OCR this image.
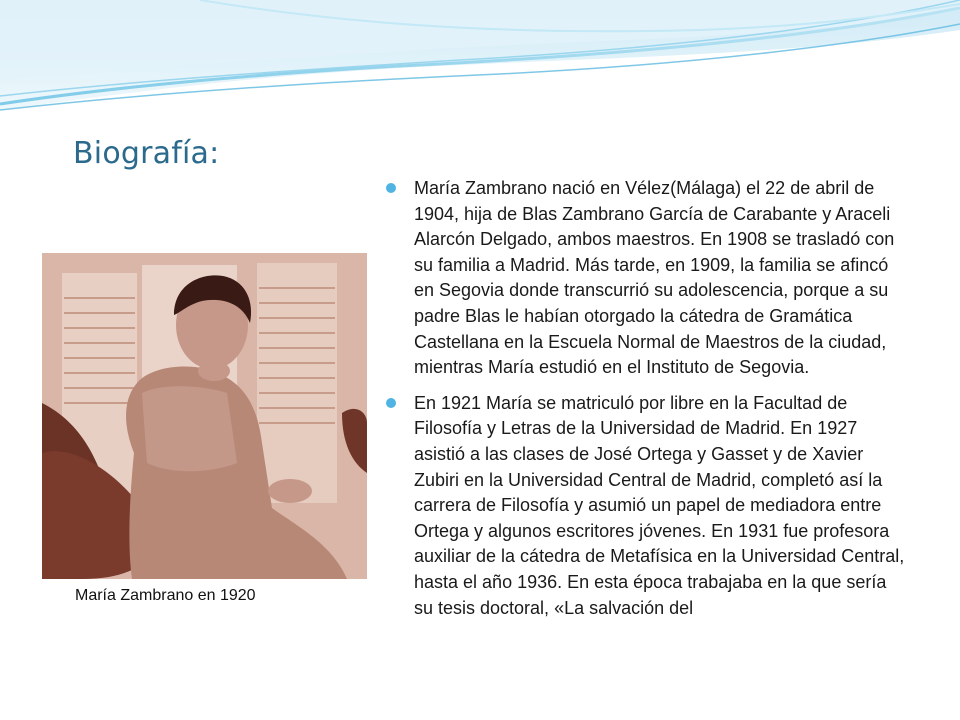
Biografía:
María Zambrano en 1920
María Zambrano nació en Vélez(Málaga) el 22 de abril de 1904, hija de Blas Zambrano García de Carabante y Araceli Alarcón Delgado, ambos maestros. En 1908 se trasladó con su familia a Madrid. Más tarde, en 1909, la familia se afincó en Segovia donde transcurrió su adolescencia, porque a su padre Blas le habían otorgado la cátedra de Gramática Castellana en la Escuela Normal de Maestros de la ciudad, mientras María estudió en el Instituto de Segovia.
En 1921 María se matriculó por libre en la Facultad de Filosofía y Letras de la Universidad de Madrid. En 1927 asistió a las clases de José Ortega y Gasset y de Xavier Zubiri en la Universidad Central de Madrid, completó así la carrera de Filosofía y asumió un papel de mediadora entre Ortega y algunos escritores jóvenes. En 1931 fue profesora auxiliar de la cátedra de Metafísica en la Universidad Central, hasta el año 1936. En esta época trabajaba en la que sería su tesis doctoral, «La salvación del
